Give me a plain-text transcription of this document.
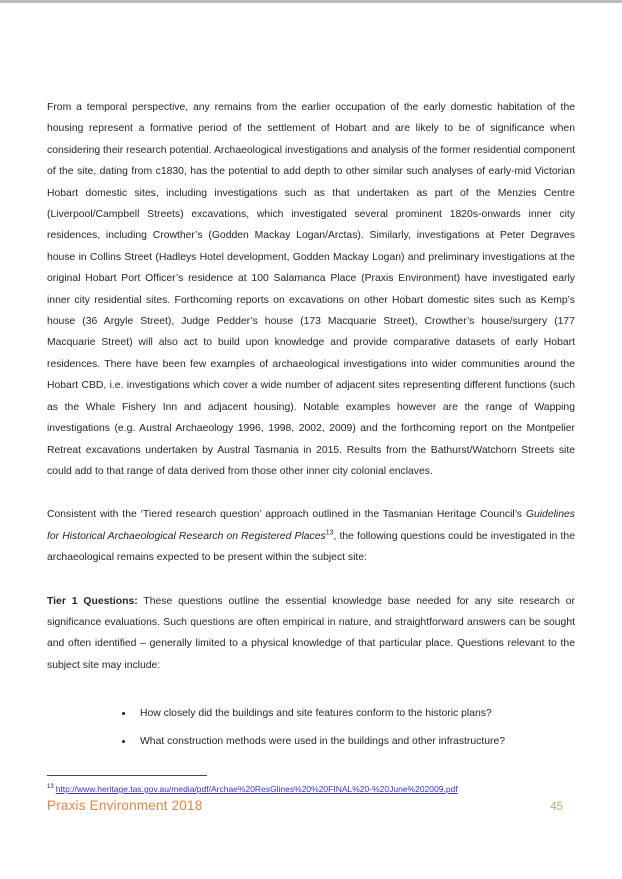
From a temporal perspective, any remains from the earlier occupation of the early domestic habitation of the housing represent a formative period of the settlement of Hobart and are likely to be of significance when considering their research potential. Archaeological investigations and analysis of the former residential component of the site, dating from c1830, has the potential to add depth to other similar such analyses of early-mid Victorian Hobart domestic sites, including investigations such as that undertaken as part of the Menzies Centre (Liverpool/Campbell Streets) excavations, which investigated several prominent 1820s-onwards inner city residences, including Crowther’s (Godden Mackay Logan/Arctas). Similarly, investigations at Peter Degraves house in Collins Street (Hadleys Hotel development, Godden Mackay Logan) and preliminary investigations at the original Hobart Port Officer’s residence at 100 Salamanca Place (Praxis Environment) have investigated early inner city residential sites. Forthcoming reports on excavations on other Hobart domestic sites such as Kemp’s house (36 Argyle Street), Judge Pedder’s house (173 Macquarie Street), Crowther’s house/surgery (177 Macquarie Street) will also act to build upon knowledge and provide comparative datasets of early Hobart residences. There have been few examples of archaeological investigations into wider communities around the Hobart CBD, i.e. investigations which cover a wide number of adjacent sites representing different functions (such as the Whale Fishery Inn and adjacent housing). Notable examples however are the range of Wapping investigations (e.g. Austral Archaeology 1996, 1998, 2002, 2009) and the forthcoming report on the Montpelier Retreat excavations undertaken by Austral Tasmania in 2015. Results from the Bathurst/Watchorn Streets site could add to that range of data derived from those other inner city colonial enclaves.

Consistent with the ‘Tiered research question’ approach outlined in the Tasmanian Heritage Council’s Guidelines for Historical Archaeological Research on Registered Places$^{13}$, the following questions could be investigated in the archaeological remains expected to be present within the subject site:

Tier 1 Questions: These questions outline the essential knowledge base needed for any site research or significance evaluations. Such questions are often empirical in nature, and straightforward answers can be sought and often identified – generally limited to a physical knowledge of that particular place. Questions relevant to the subject site may include:

• How closely did the buildings and site features conform to the historic plans?
• What construction methods were used in the buildings and other infrastructure?
$^{13}$ http://www.heritage.tas.gov.au/media/pdf/Archae%20ResGlines%20%20FINAL%20-%20June%202009.pdf
Praxis Environment 2018	45
